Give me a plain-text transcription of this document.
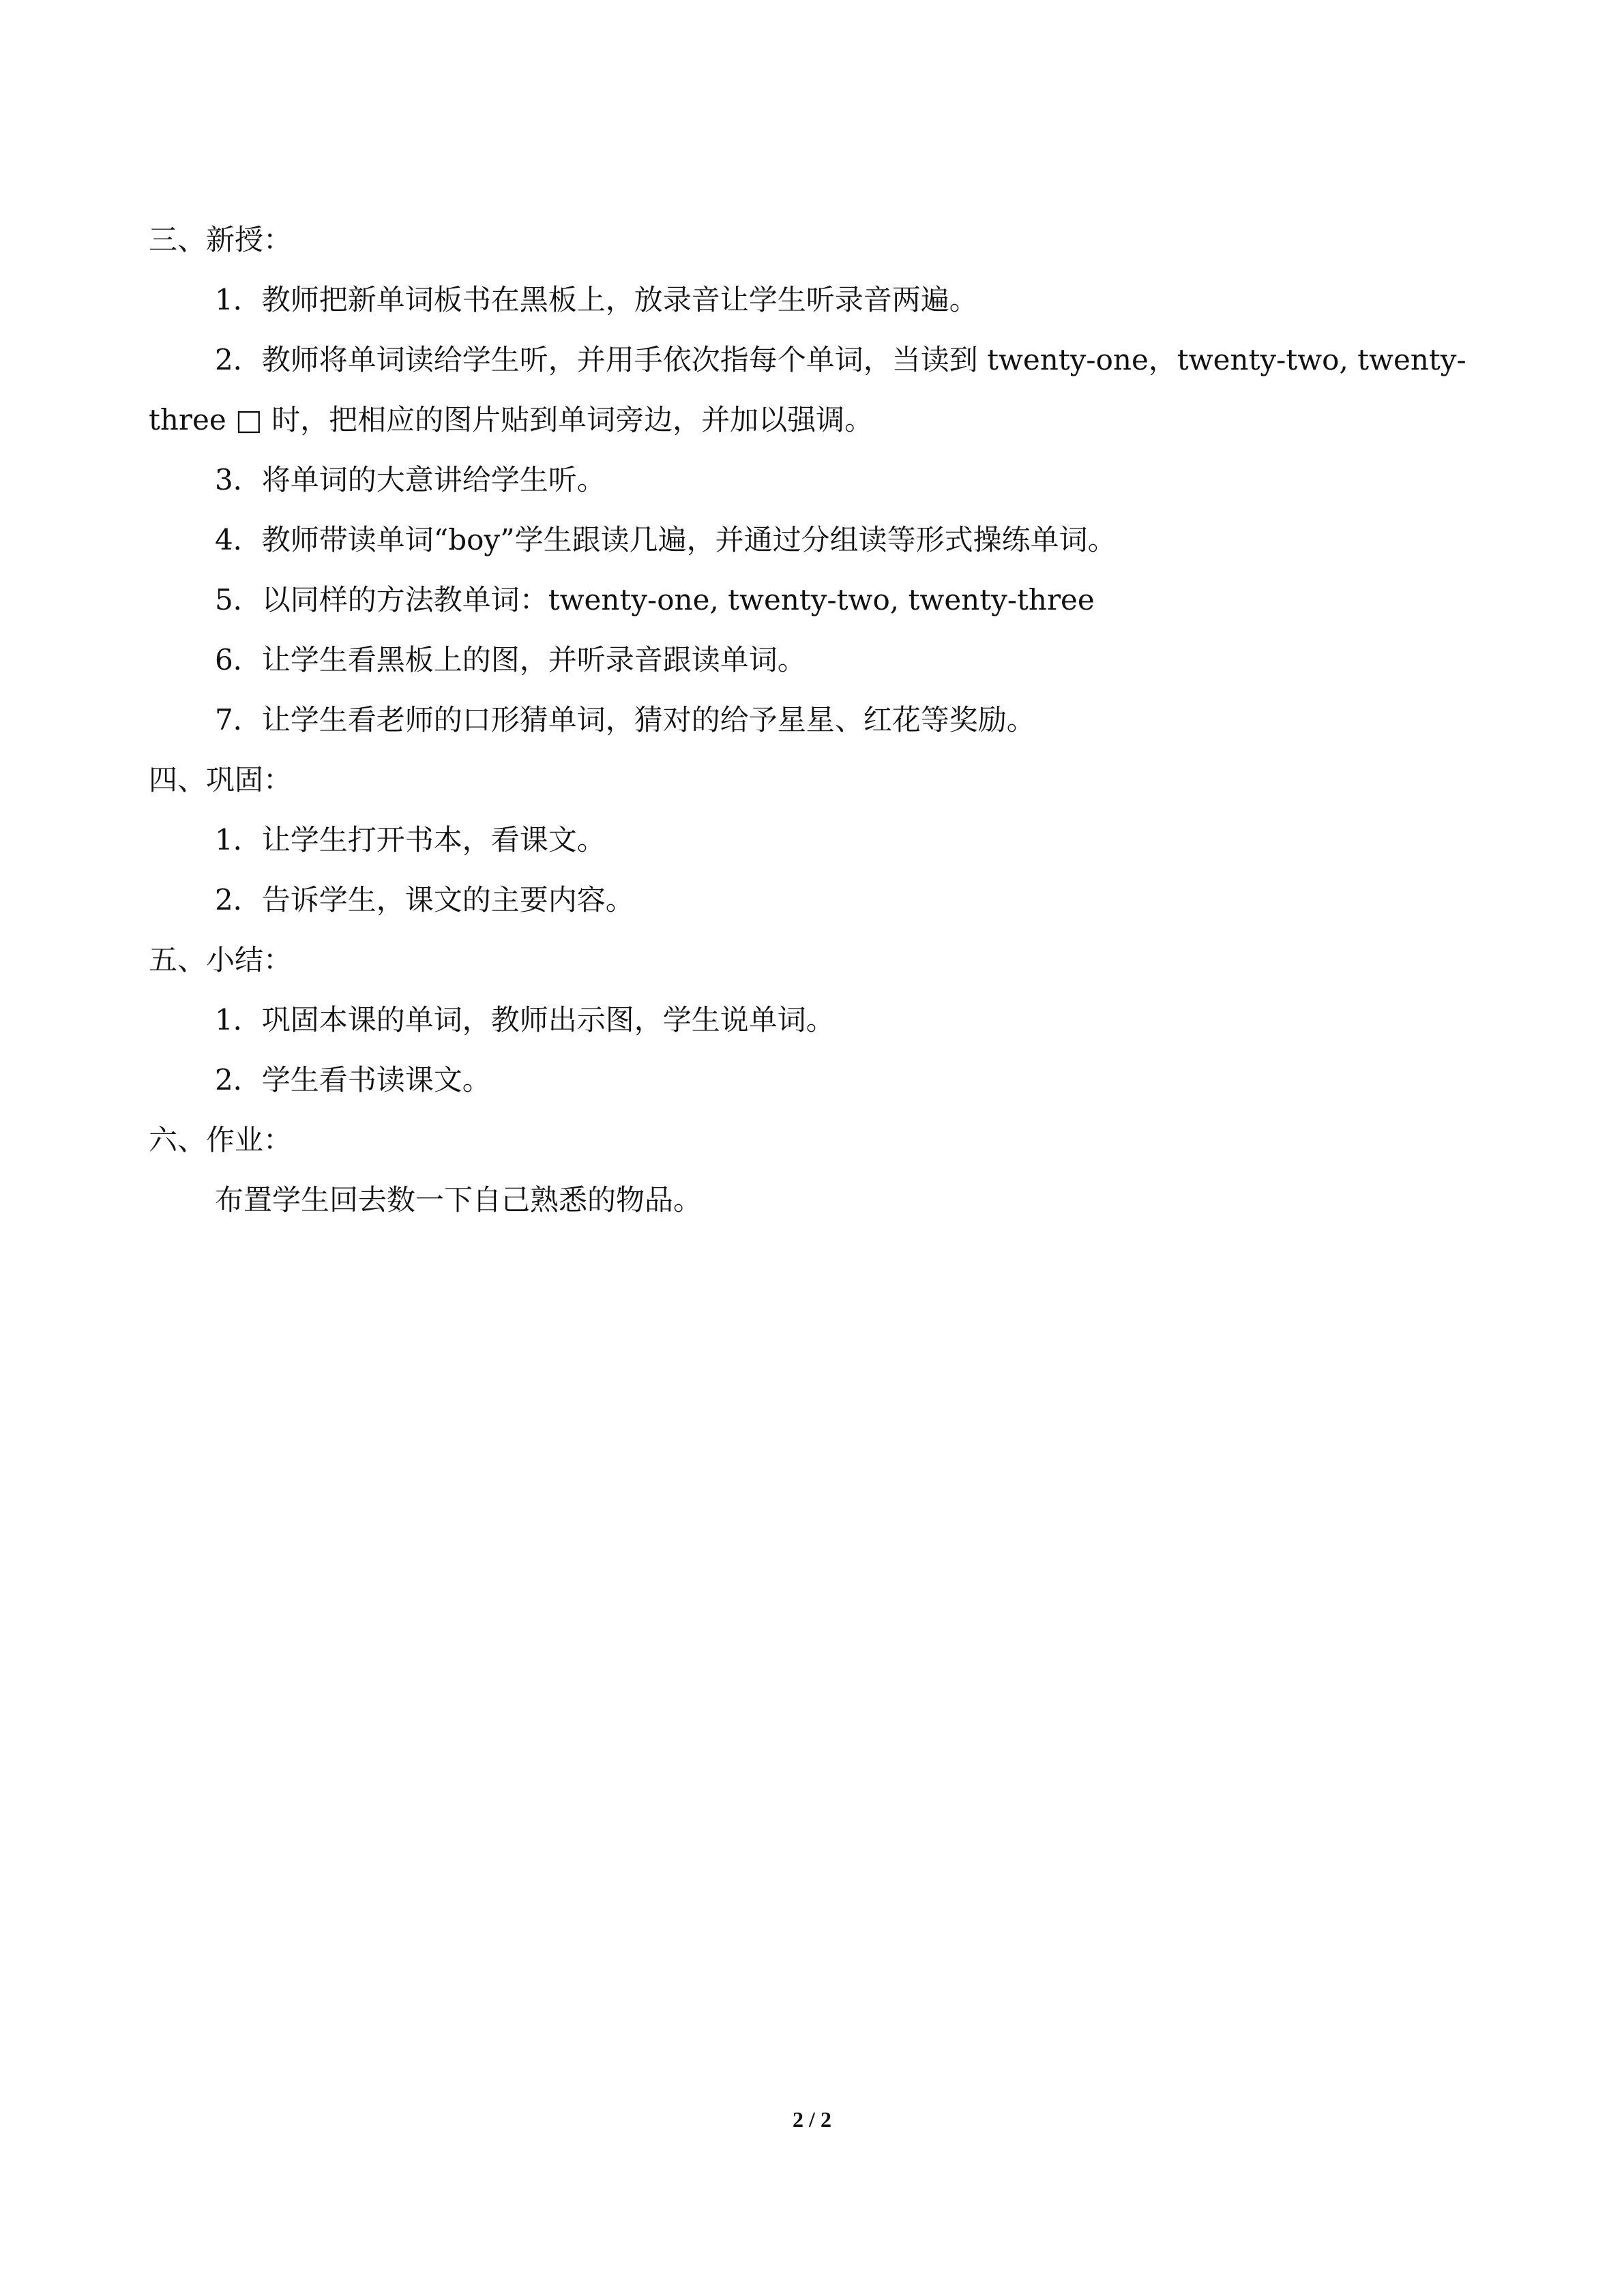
三、新授：

1．教师把新单词板书在黑板上，放录音让学生听录音两遍。

2．教师将单词读给学生听，并用手依次指每个单词，当读到 twenty-one，twenty-two, twenty-three □ 时，把相应的图片贴到单词旁边，并加以强调。

3．将单词的大意讲给学生听。

4．教师带读单词“boy”学生跟读几遍，并通过分组读等形式操练单词。

5．以同样的方法教单词：twenty-one, twenty-two, twenty-three

6．让学生看黑板上的图，并听录音跟读单词。

7．让学生看老师的口形猜单词，猜对的给予星星、红花等奖励。

四、巩固：

1．让学生打开书本，看课文。

2．告诉学生，课文的主要内容。

五、小结：

1．巩固本课的单词，教师出示图，学生说单词。

2．学生看书读课文。

六、作业：

布置学生回去数一下自己熟悉的物品。

2 / 2
